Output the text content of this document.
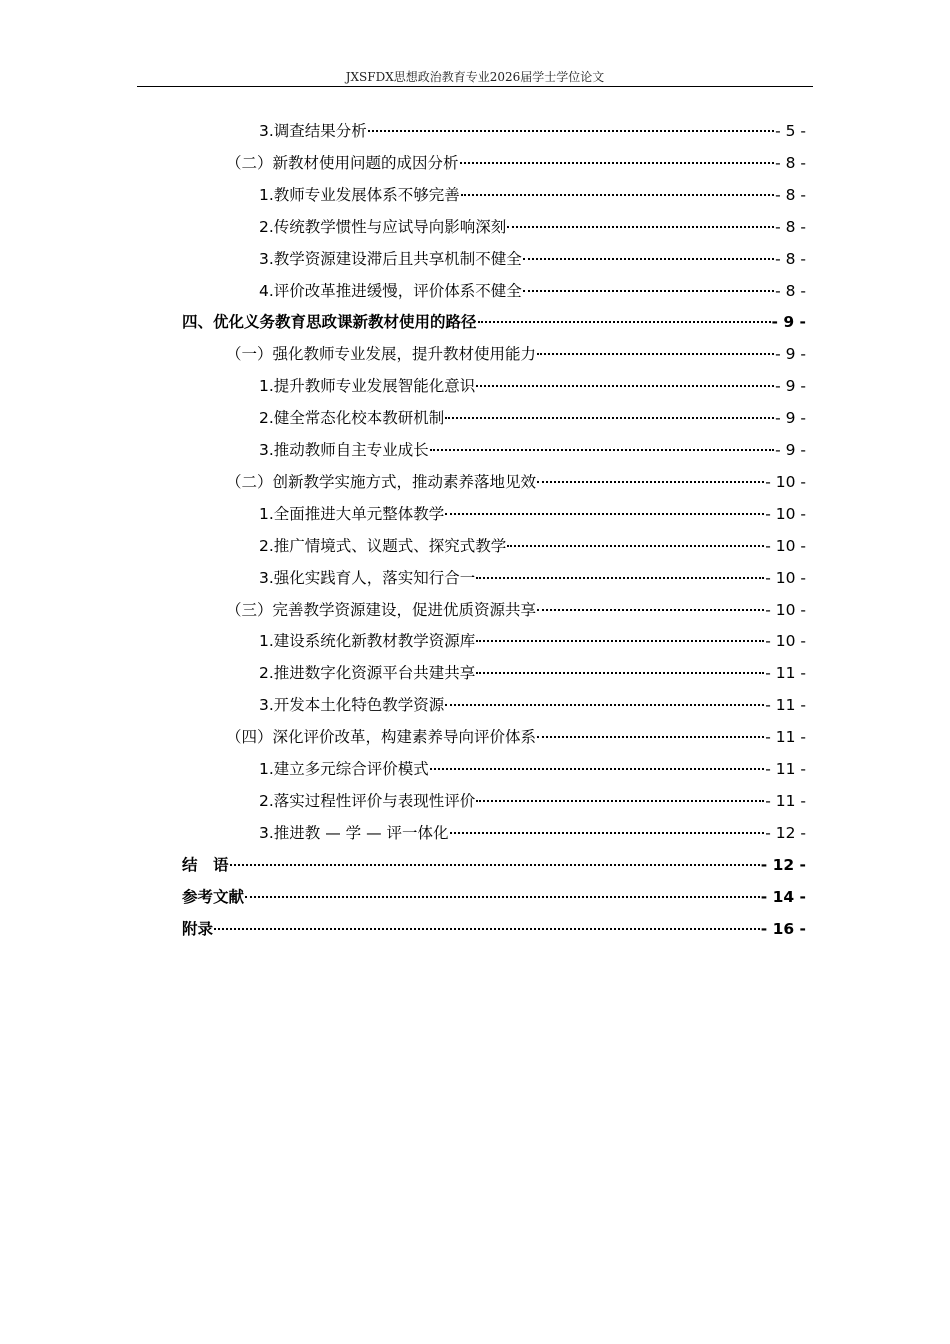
JXSFDX思想政治教育专业2026届学士学位论文
3.调查结果分析	- 5 -
（二）新教材使用问题的成因分析	- 8 -
1.教师专业发展体系不够完善	- 8 -
2.传统教学惯性与应试导向影响深刻	- 8 -
3.教学资源建设滞后且共享机制不健全	- 8 -
4.评价改革推进缓慢，评价体系不健全	- 8 -
四、优化义务教育思政课新教材使用的路径	- 9 -
（一）强化教师专业发展，提升教材使用能力	- 9 -
1.提升教师专业发展智能化意识	- 9 -
2.健全常态化校本教研机制	- 9 -
3.推动教师自主专业成长	- 9 -
（二）创新教学实施方式，推动素养落地见效	- 10 -
1.全面推进大单元整体教学	- 10 -
2.推广情境式、议题式、探究式教学	- 10 -
3.强化实践育人，落实知行合一	- 10 -
（三）完善教学资源建设，促进优质资源共享	- 10 -
1.建设系统化新教材教学资源库	- 10 -
2.推进数字化资源平台共建共享	- 11 -
3.开发本土化特色教学资源	- 11 -
（四）深化评价改革，构建素养导向评价体系	- 11 -
1.建立多元综合评价模式	- 11 -
2.落实过程性评价与表现性评价	- 11 -
3.推进教 — 学 — 评一体化	- 12 -
结　语	- 12 -
参考文献	- 14 -
附录	- 16 -
